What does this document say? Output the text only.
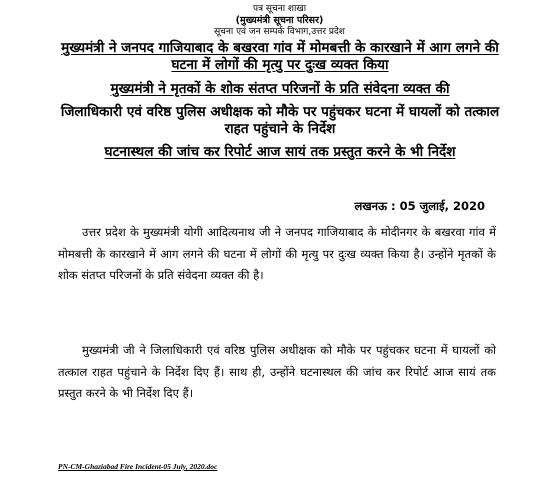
पत्र सूचना शाखा
(मुख्यमंत्री सूचना परिसर)
सूचना एवं जन सम्पर्क विभाग,उत्तर प्रदेश

मुख्यमंत्री ने जनपद गाजियाबाद के बखरवा गांव में मोमबत्ती के कारखाने में आग लगने की घटना में लोगों की मृत्यु पर दुःख व्यक्त किया

मुख्यमंत्री ने मृतकों के शोक संतप्त परिजनों के प्रति संवेदना व्यक्त की

जिलाधिकारी एवं वरिष्ठ पुलिस अधीक्षक को मौके पर पहुंचकर घटना में घायलों को तत्काल राहत पहुंचाने के निर्देश

घटनास्थल की जांच कर रिपोर्ट आज सायं तक प्रस्तुत करने के भी निर्देश

लखनऊ : 05 जुलाई, 2020

उत्तर प्रदेश के मुख्यमंत्री योगी आदित्यनाथ जी ने जनपद गाजियाबाद के मोदीनगर के बखरवा गांव में मोमबत्ती के कारखाने में आग लगने की घटना में लोगों की मृत्यु पर दुःख व्यक्त किया है। उन्होंने मृतकों के शोक संतप्त परिजनों के प्रति संवेदना व्यक्त की है।

मुख्यमंत्री जी ने जिलाधिकारी एवं वरिष्ठ पुलिस अधीक्षक को मौके पर पहुंचकर घटना में घायलों को तत्काल राहत पहुंचाने के निर्देश दिए हैं। साथ ही, उन्होंने घटनास्थल की जांच कर रिपोर्ट आज सायं तक प्रस्तुत करने के भी निर्देश दिए हैं।

PN-CM-Ghaziabad Fire Incident-05 July, 2020.doc
